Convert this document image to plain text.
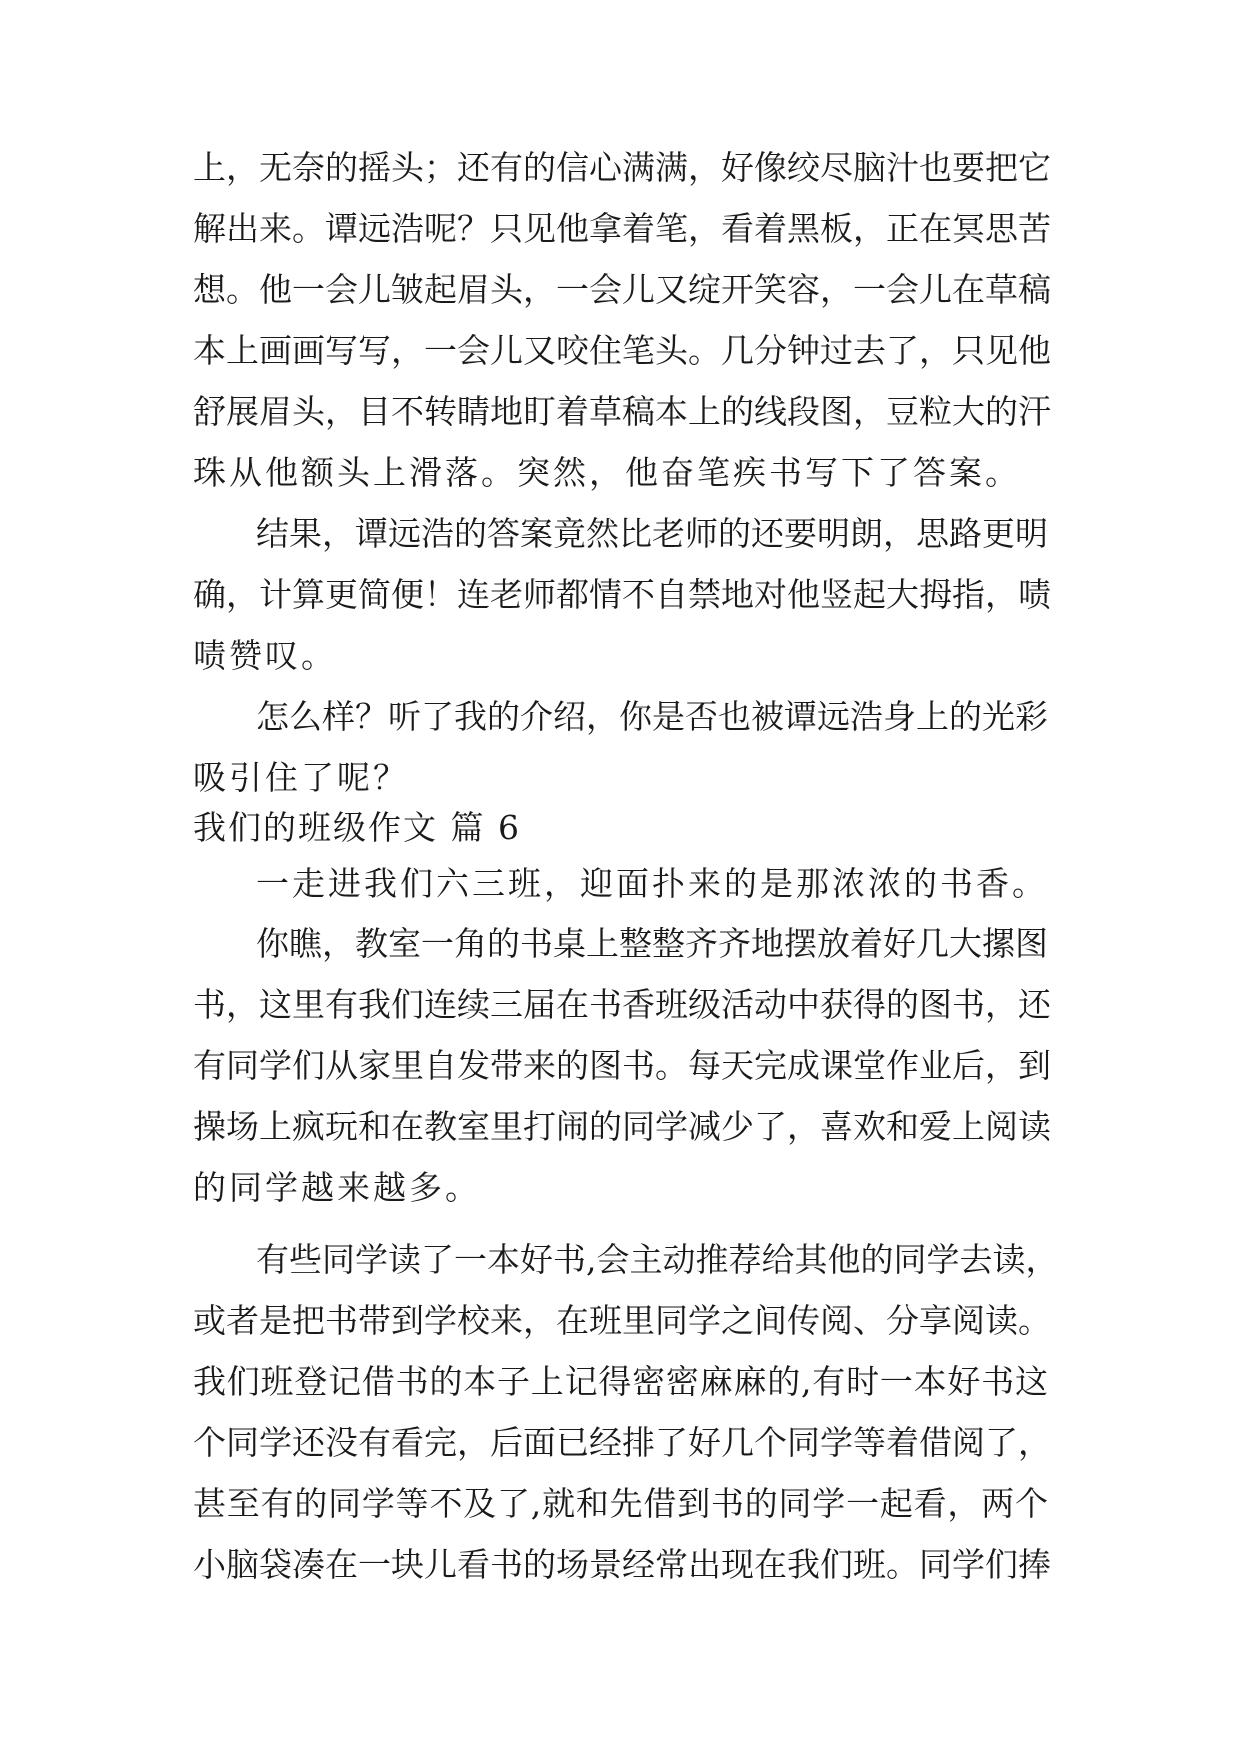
上，无奈的摇头；还有的信心满满，好像绞尽脑汁也要把它
解出来。谭远浩呢？只见他拿着笔，看着黑板，正在冥思苦
想。他一会儿皱起眉头，一会儿又绽开笑容，一会儿在草稿
本上画画写写，一会儿又咬住笔头。几分钟过去了，只见他
舒展眉头，目不转睛地盯着草稿本上的线段图，豆粒大的汗
珠从他额头上滑落。突然，他奋笔疾书写下了答案。
结果，谭远浩的答案竟然比老师的还要明朗，思路更明
确，计算更简便！连老师都情不自禁地对他竖起大拇指，啧
啧赞叹。
怎么样？听了我的介绍，你是否也被谭远浩身上的光彩
吸引住了呢？
我们的班级作文 篇 6
一走进我们六三班，迎面扑来的是那浓浓的书香。
你瞧，教室一角的书桌上整整齐齐地摆放着好几大摞图
书，这里有我们连续三届在书香班级活动中获得的图书，还
有同学们从家里自发带来的图书。每天完成课堂作业后，到
操场上疯玩和在教室里打闹的同学减少了，喜欢和爱上阅读
的同学越来越多。
有些同学读了一本好书,会主动推荐给其他的同学去读，
或者是把书带到学校来，在班里同学之间传阅、分享阅读。
我们班登记借书的本子上记得密密麻麻的,有时一本好书这
个同学还没有看完，后面已经排了好几个同学等着借阅了，
甚至有的同学等不及了,就和先借到书的同学一起看，两个
小脑袋凑在一块儿看书的场景经常出现在我们班。同学们捧
